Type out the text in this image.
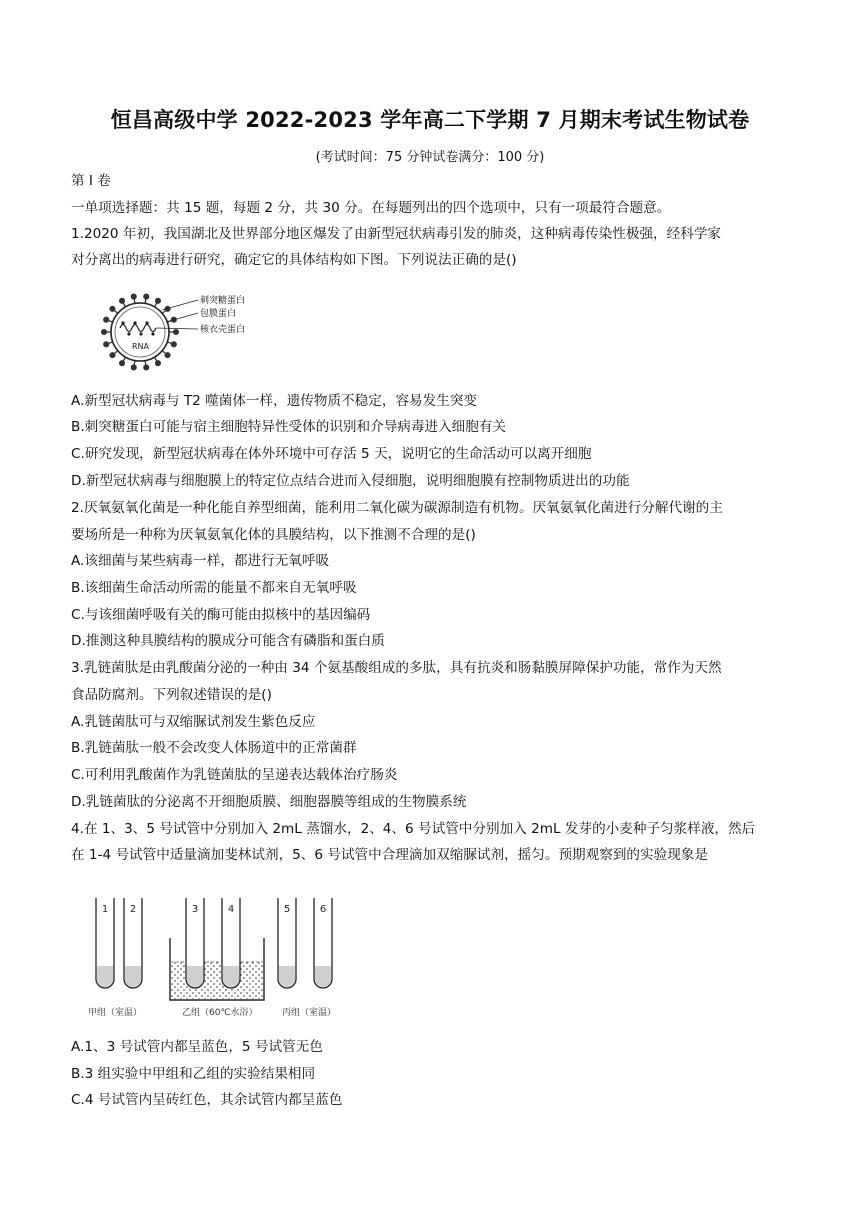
恒昌高级中学 2022-2023 学年高二下学期 7 月期末考试生物试卷
(考试时间：75 分钟试卷满分：100 分)
第 I 卷
一单项选择题：共 15 题，每题 2 分，共 30 分。在每题列出的四个选项中，只有一项最符合题意。
1.2020 年初，我国湖北及世界部分地区爆发了由新型冠状病毒引发的肺炎，这种病毒传染性极强，经科学家
对分离出的病毒进行研究，确定它的具体结构如下图。下列说法正确的是()
RNA
刺突糖蛋白
包膜蛋白
核衣壳蛋白
A.新型冠状病毒与 T2 噬菌体一样，遗传物质不稳定，容易发生突变
B.刺突糖蛋白可能与宿主细胞特异性受体的识别和介导病毒进入细胞有关
C.研究发现，新型冠状病毒在体外环境中可存活 5 天，说明它的生命活动可以离开细胞
D.新型冠状病毒与细胞膜上的特定位点结合进而入侵细胞，说明细胞膜有控制物质进出的功能
2.厌氧氨氧化菌是一种化能自养型细菌，能利用二氧化碳为碳源制造有机物。厌氧氨氧化菌进行分解代谢的主
要场所是一种称为厌氧氨氧化体的具膜结构，以下推测不合理的是()
A.该细菌与某些病毒一样，都进行无氧呼吸
B.该细菌生命活动所需的能量不都来自无氧呼吸
C.与该细菌呼吸有关的酶可能由拟核中的基因编码
D.推测这种具膜结构的膜成分可能含有磷脂和蛋白质
3.乳链菌肽是由乳酸菌分泌的一种由 34 个氨基酸组成的多肽，具有抗炎和肠黏膜屏障保护功能，常作为天然
食品防腐剂。下列叙述错误的是()
A.乳链菌肽可与双缩脲试剂发生紫色反应
B.乳链菌肽一般不会改变人体肠道中的正常菌群
C.可利用乳酸菌作为乳链菌肽的呈递表达载体治疗肠炎
D.乳链菌肽的分泌离不开细胞质膜、细胞器膜等组成的生物膜系统
4.在 1、3、5 号试管中分别加入 2mL 蒸馏水，2、4、6 号试管中分别加入 2mL 发芽的小麦种子匀浆样液，然后
在 1-4 号试管中适量滴加斐林试剂，5、6 号试管中合理滴加双缩脲试剂，摇匀。预期观察到的实验现象是
1 2	3	4	5	6
甲组（室温）	乙组（60℃水浴）	丙组（室温）
A.1、3 号试管内都呈蓝色，5 号试管无色
B.3 组实验中甲组和乙组的实验结果相同
C.4 号试管内呈砖红色，其余试管内都呈蓝色
